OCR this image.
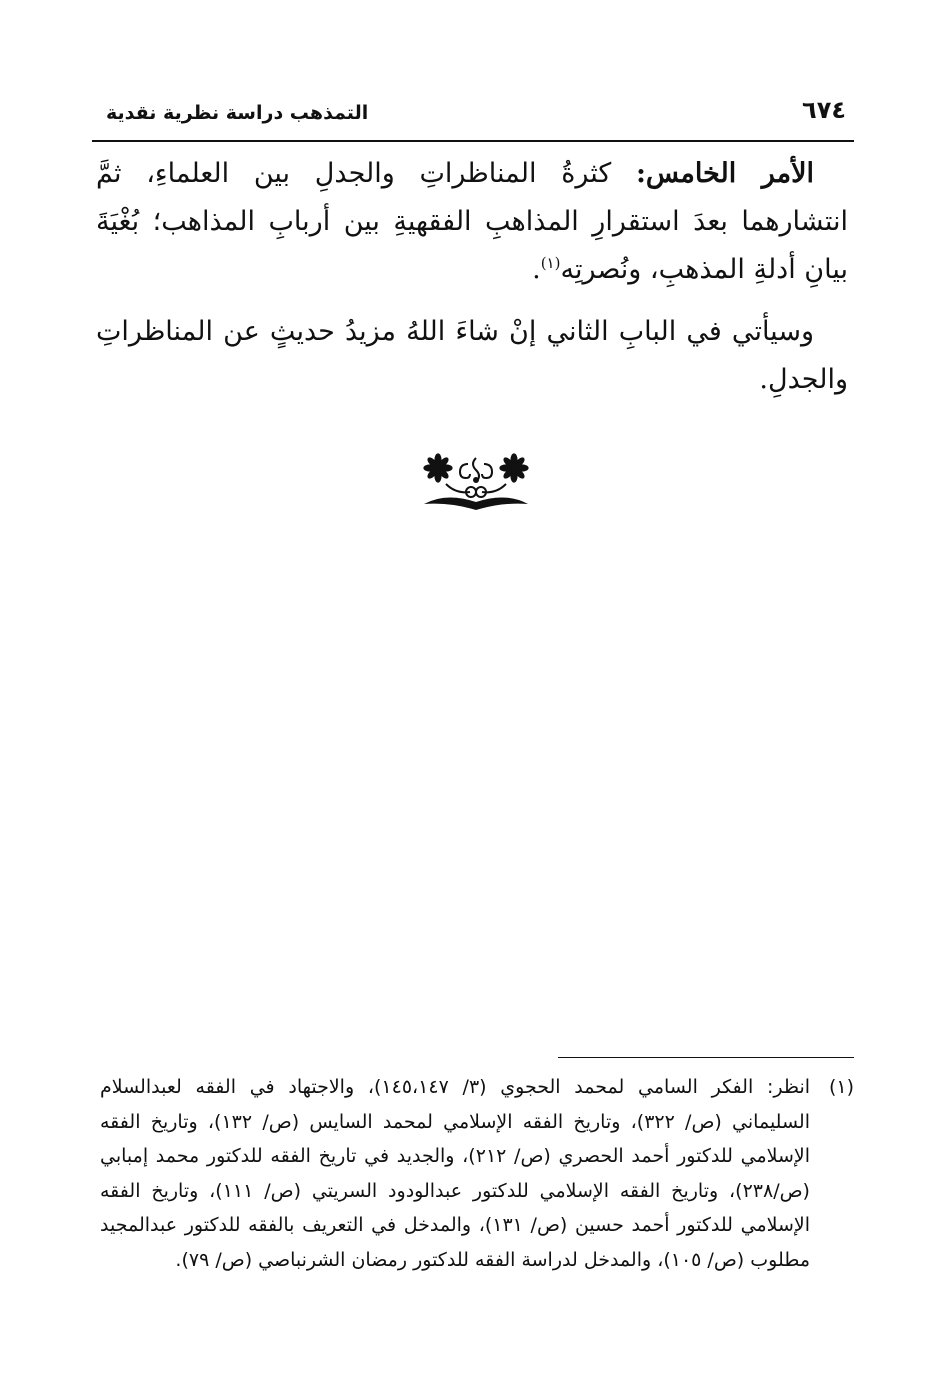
٦٧٤
التمذهب دراسة نظرية نقدية

الأمر الخامس: كثرةُ المناظراتِ والجدلِ بين العلماءِ، ثمَّ انتشارهما بعدَ استقرارِ المذاهبِ الفقهيةِ بين أربابِ المذاهب؛ بُغْيَةَ بيانِ أدلةِ المذهبِ، ونُصرتِه$^{(١)}$.

وسيأتي في البابِ الثاني إنْ شاءَ اللهُ مزيدُ حديثٍ عن المناظراتِ والجدلِ.

(١)
انظر: الفكر السامي لمحمد الحجوي (٣/ ١٤٥،١٤٧)، والاجتهاد في الفقه لعبدالسلام السليماني (ص/ ٣٢٢)، وتاريخ الفقه الإسلامي لمحمد السايس (ص/ ١٣٢)، وتاريخ الفقه الإسلامي للدكتور أحمد الحصري (ص/ ٢١٢)، والجديد في تاريخ الفقه للدكتور محمد إمبابي (ص/٢٣٨)، وتاريخ الفقه الإسلامي للدكتور عبدالودود السريتي (ص/ ١١١)، وتاريخ الفقه الإسلامي للدكتور أحمد حسين (ص/ ١٣١)، والمدخل في التعريف بالفقه للدكتور عبدالمجيد مطلوب (ص/ ١٠٥)، والمدخل لدراسة الفقه للدكتور رمضان الشرنباصي (ص/ ٧٩).
